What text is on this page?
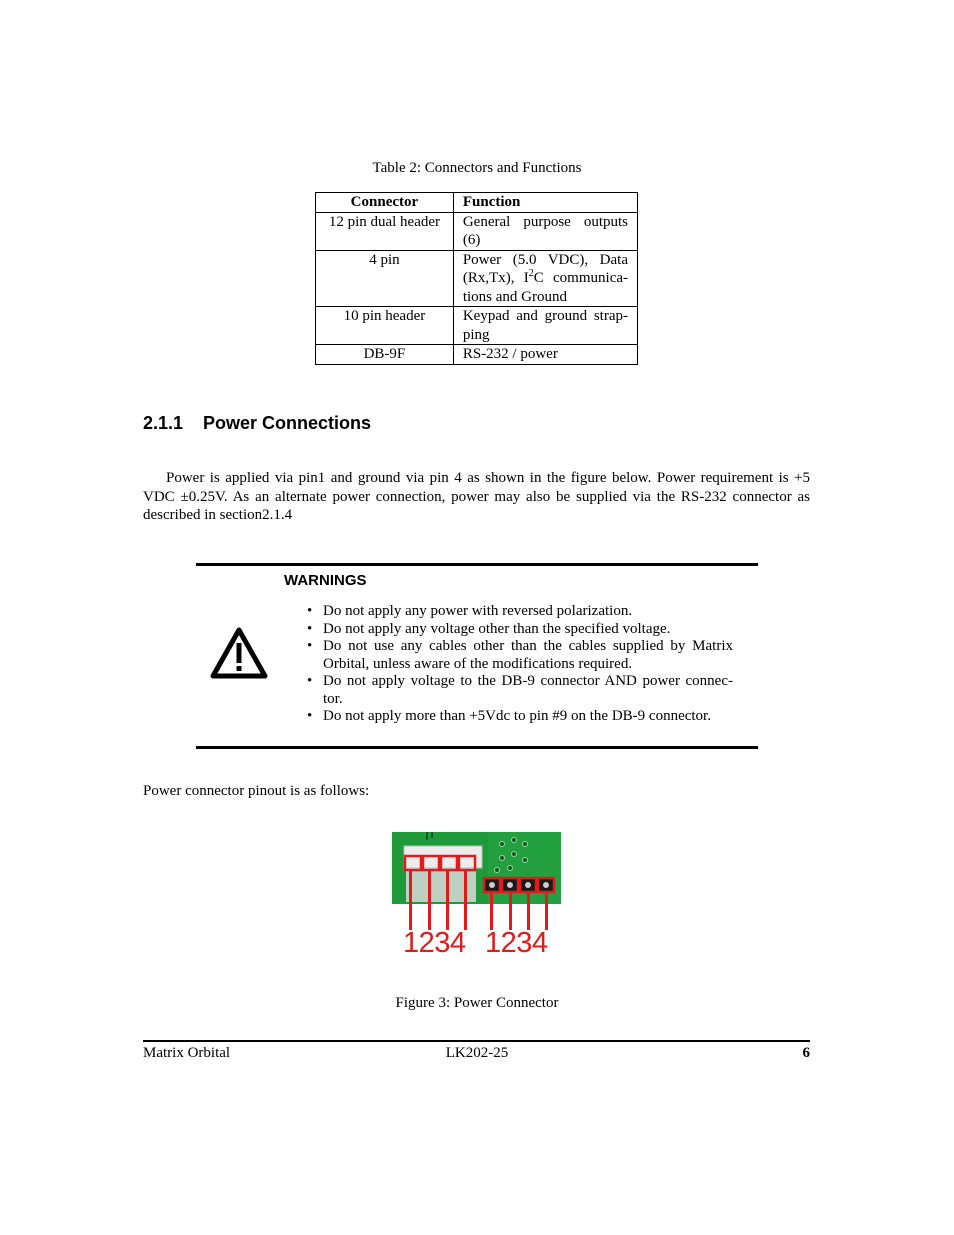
Table 2: Connectors and Functions
Connector	Function
12 pin dual header	General purpose outputs (6)
4 pin	Power (5.0 VDC), Data (Rx,Tx), $I^2C$ communica-tions and Ground
10 pin header	Keypad and ground strap-ping
DB-9F	RS-232 / power
2.1.1 Power Connections

Power is applied via pin1 and ground via pin 4 as shown in the figure below. Power requirement is +5 VDC ±0.25V. As an alternate power connection, power may also be supplied via the RS-232 connector as described in section2.1.4

WARNINGS
• Do not apply any power with reversed polarization.
• Do not apply any voltage other than the specified voltage.
• Do not use any cables other than the cables supplied by Matrix Orbital, unless aware of the modifications required.
• Do not apply voltage to the DB-9 connector AND power connec-tor.
• Do not apply more than +5Vdc to pin #9 on the DB-9 connector.
Power connector pinout is as follows:
1234 1234
Figure 3: Power Connector
Matrix Orbital	LK202-25	6
